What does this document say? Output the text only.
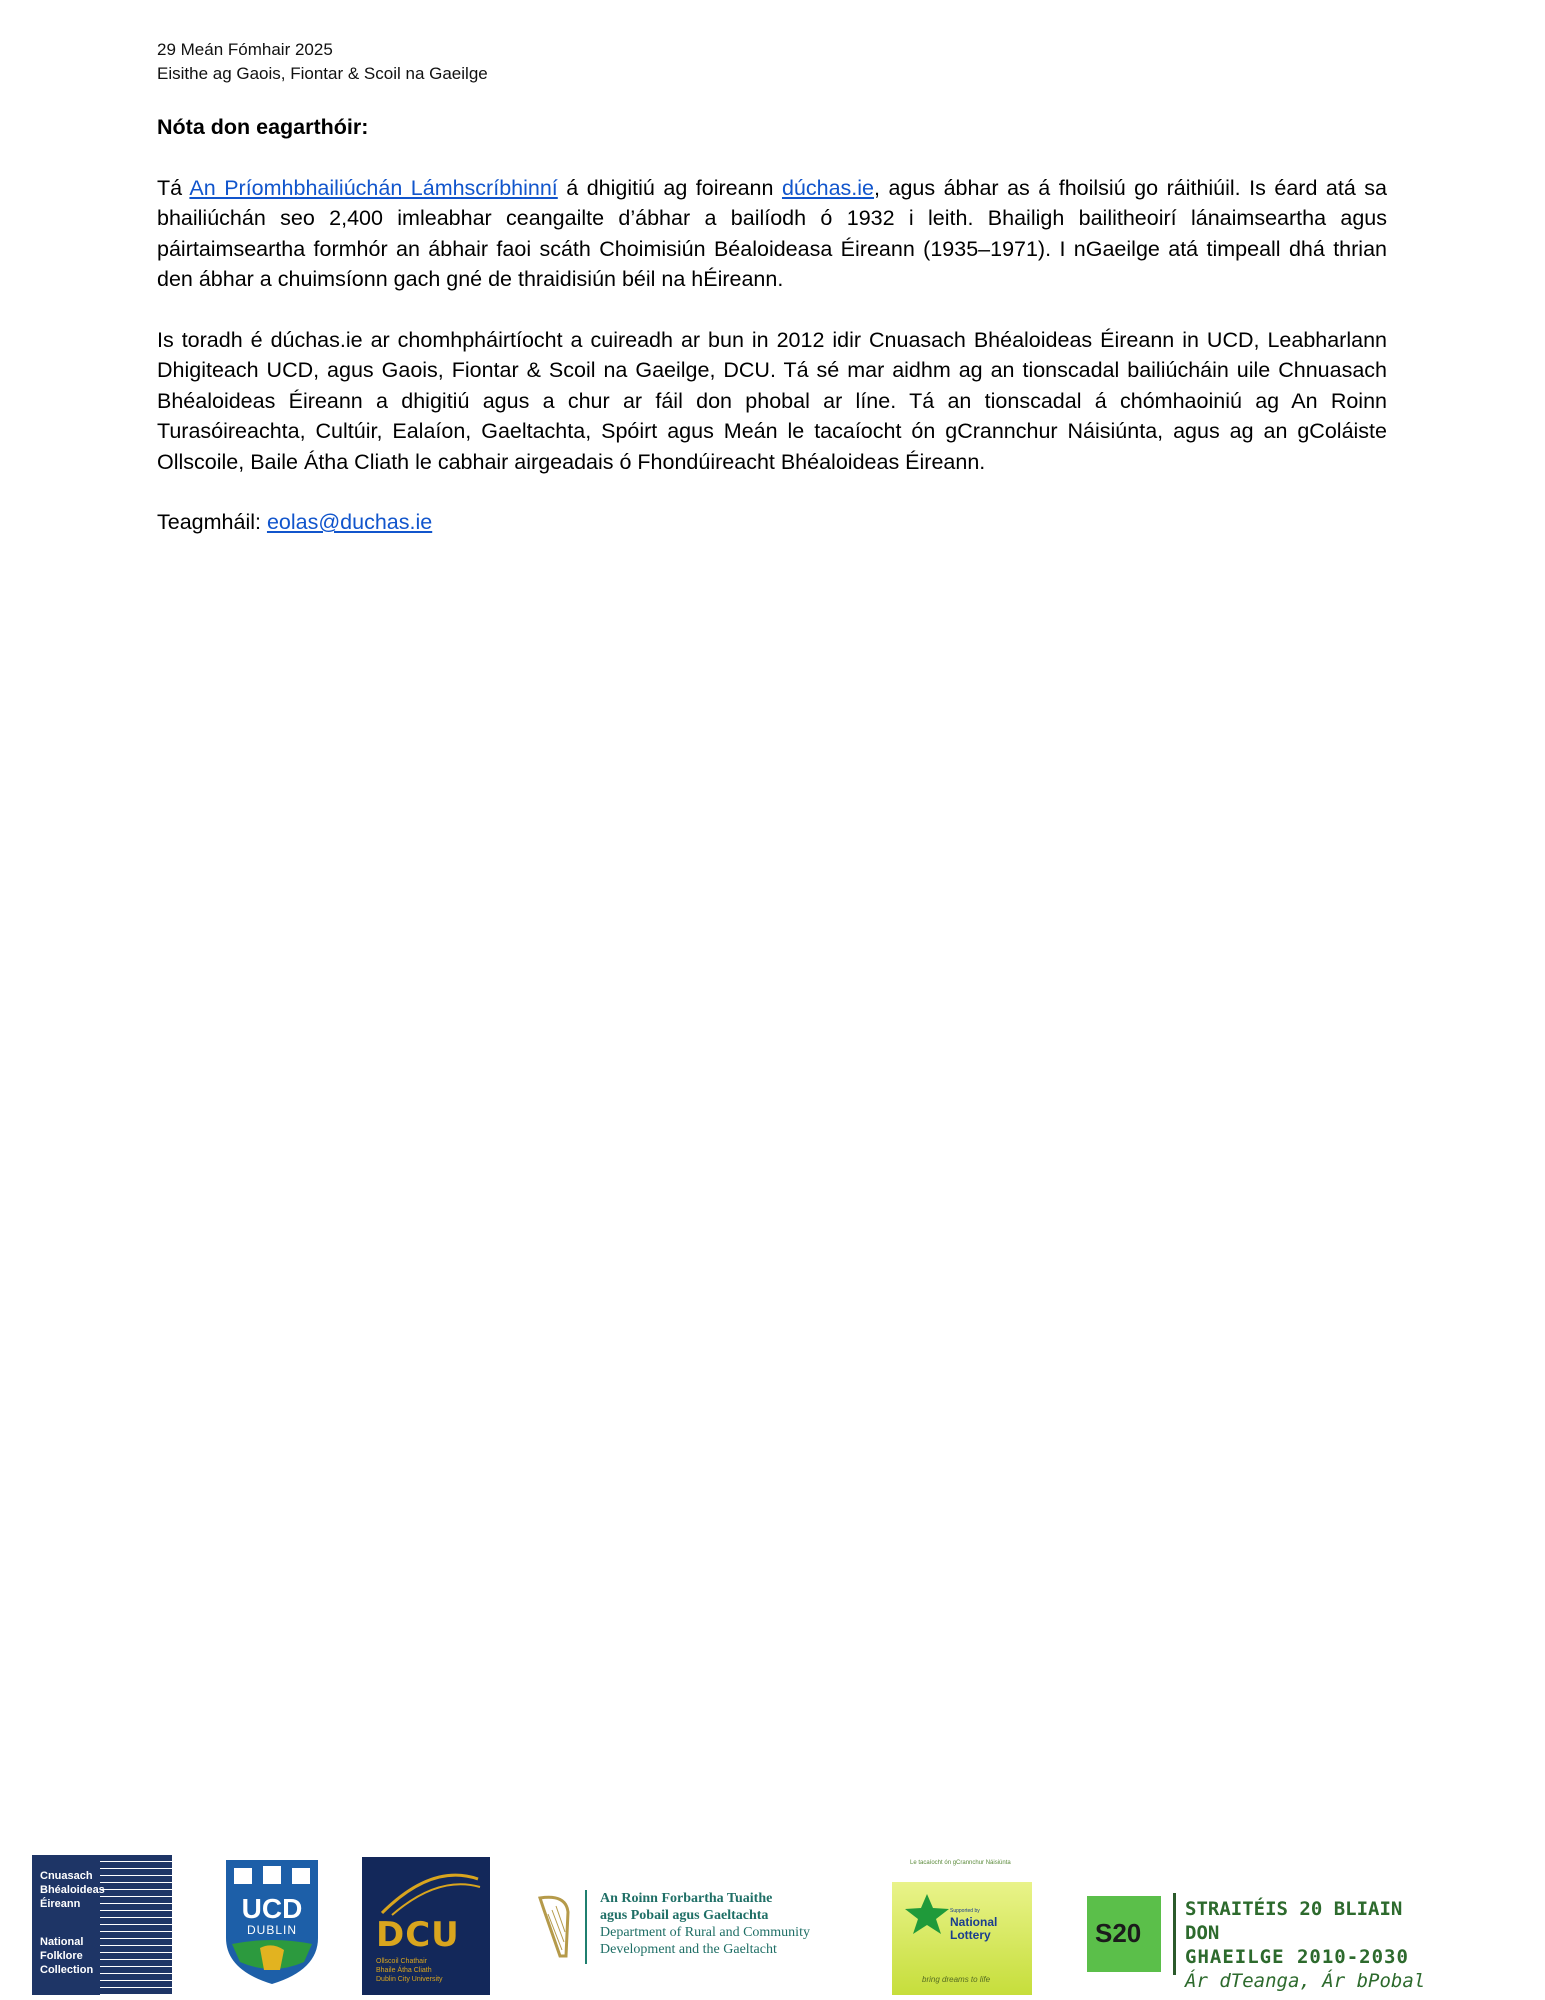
29 Meán Fómhair 2025
Eisithe ag Gaois, Fiontar & Scoil na Gaeilge
Nóta don eagarthóir:

Tá An Príomhbhailiúchán Lámhscríbhinní á dhigitiú ag foireann dúchas.ie, agus ábhar as á fhoilsiú go ráithiúil. Is éard atá sa bhailiúchán seo 2,400 imleabhar ceangailte d’ábhar a bailíodh ó 1932 i leith. Bhailigh bailitheoirí lánaimseartha agus páirtaimseartha formhór an ábhair faoi scáth Choimisiún Béaloideasa Éireann (1935–1971). I nGaeilge atá timpeall dhá thrian den ábhar a chuimsíonn gach gné de thraidisiún béil na hÉireann.

Is toradh é dúchas.ie ar chomhpháirtíocht a cuireadh ar bun in 2012 idir Cnuasach Bhéaloideas Éireann in UCD, Leabharlann Dhigiteach UCD, agus Gaois, Fiontar & Scoil na Gaeilge, DCU. Tá sé mar aidhm ag an tionscadal bailiúcháin uile Chnuasach Bhéaloideas Éireann a dhigitiú agus a chur ar fáil don phobal ar líne. Tá an tionscadal á chómhaoiniú ag An Roinn Turasóireachta, Cultúir, Ealaíon, Gaeltachta, Spóirt agus Meán le tacaíocht ón gCrannchur Náisiúnta, agus ag an gColáiste Ollscoile, Baile Átha Cliath le cabhair airgeadais ó Fhondúireacht Bhéaloideas Éireann.

Teagmháil: eolas@duchas.ie

Cnuasach
Bhéaloideas
Éireann
National
Folklore
Collection
UCD
DUBLIN DCU
Ollscoil Chathair
Bhaile Átha Cliath
Dublin City University
An Roinn Forbartha Tuaithe
agus Pobail agus Gaeltachta
Department of Rural and Community
Development and the Gaeltacht
Le tacaíocht ón gCrannchur Náisiúnta
Supported by
National
Lottery
bring dreams to life
S20
STRAITÉIS 20 BLIAIN DON
GHAEILGE 2010-2030
Ár dTeanga, Ár bPobal
